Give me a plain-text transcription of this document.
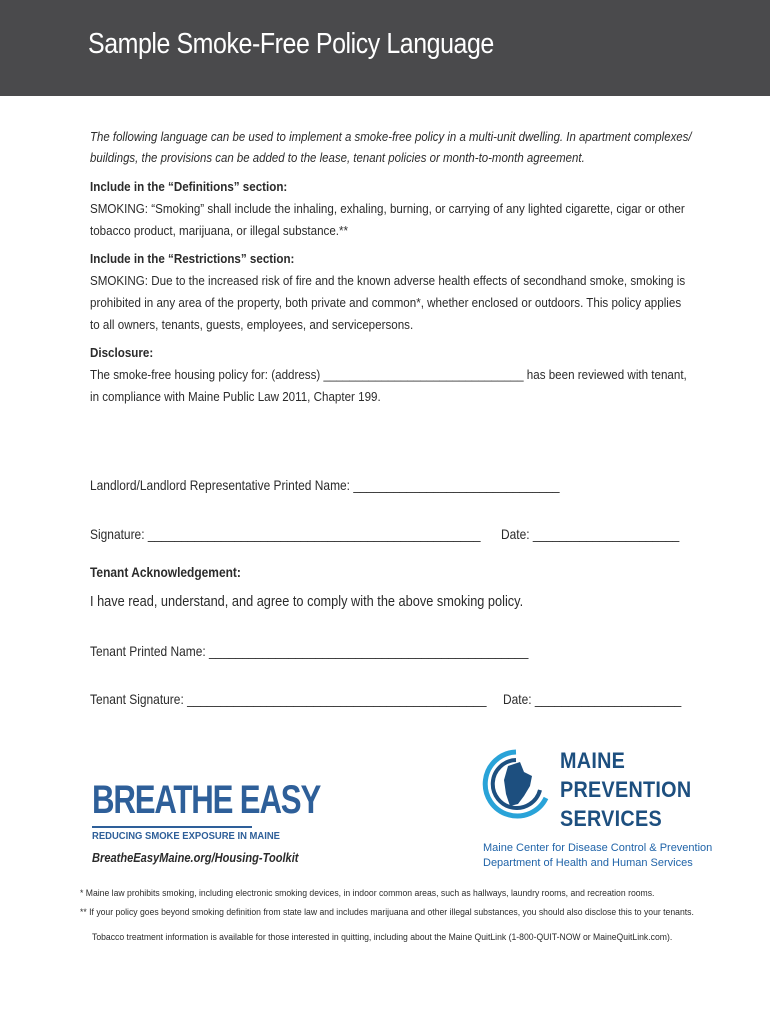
Sample Smoke-Free Policy Language

The following language can be used to implement a smoke-free policy in a multi-unit dwelling. In apartment complexes/
buildings, the provisions can be added to the lease, tenant policies or month-to-month agreement.

Include in the “Definitions” section:
SMOKING: “Smoking” shall include the inhaling, exhaling, burning, or carrying of any lighted cigarette, cigar or other
tobacco product, marijuana, or illegal substance.**

Include in the “Restrictions” section:
SMOKING: Due to the increased risk of fire and the known adverse health effects of secondhand smoke, smoking is
prohibited in any area of the property, both private and common*, whether enclosed or outdoors. This policy applies
to all owners, tenants, guests, employees, and servicepersons.

Disclosure:
The smoke-free housing policy for: (address) _______________________________ has been reviewed with tenant,
in compliance with Maine Public Law 2011, Chapter 199.

Landlord/Landlord Representative Printed Name: _______________________________
Signature: __________________________________________________ Date: ______________________
Tenant Acknowledgement:
I have read, understand, and agree to comply with the above smoking policy.
Tenant Printed Name: ________________________________________________
Tenant Signature: _____________________________________________ Date: ______________________
BREATHE EASY
REDUCING SMOKE EXPOSURE IN MAINE
BreatheEasyMaine.org/Housing-Toolkit
MAINE
PREVENTION
SERVICES
Maine Center for Disease Control & Prevention
Department of Health and Human Services
* Maine law prohibits smoking, including electronic smoking devices, in indoor common areas, such as hallways, laundry rooms, and recreation rooms.
** If your policy goes beyond smoking definition from state law and includes marijuana and other illegal substances, you should also disclose this to your tenants.
Tobacco treatment information is available for those interested in quitting, including about the Maine QuitLink (1-800-QUIT-NOW or MaineQuitLink.com).
